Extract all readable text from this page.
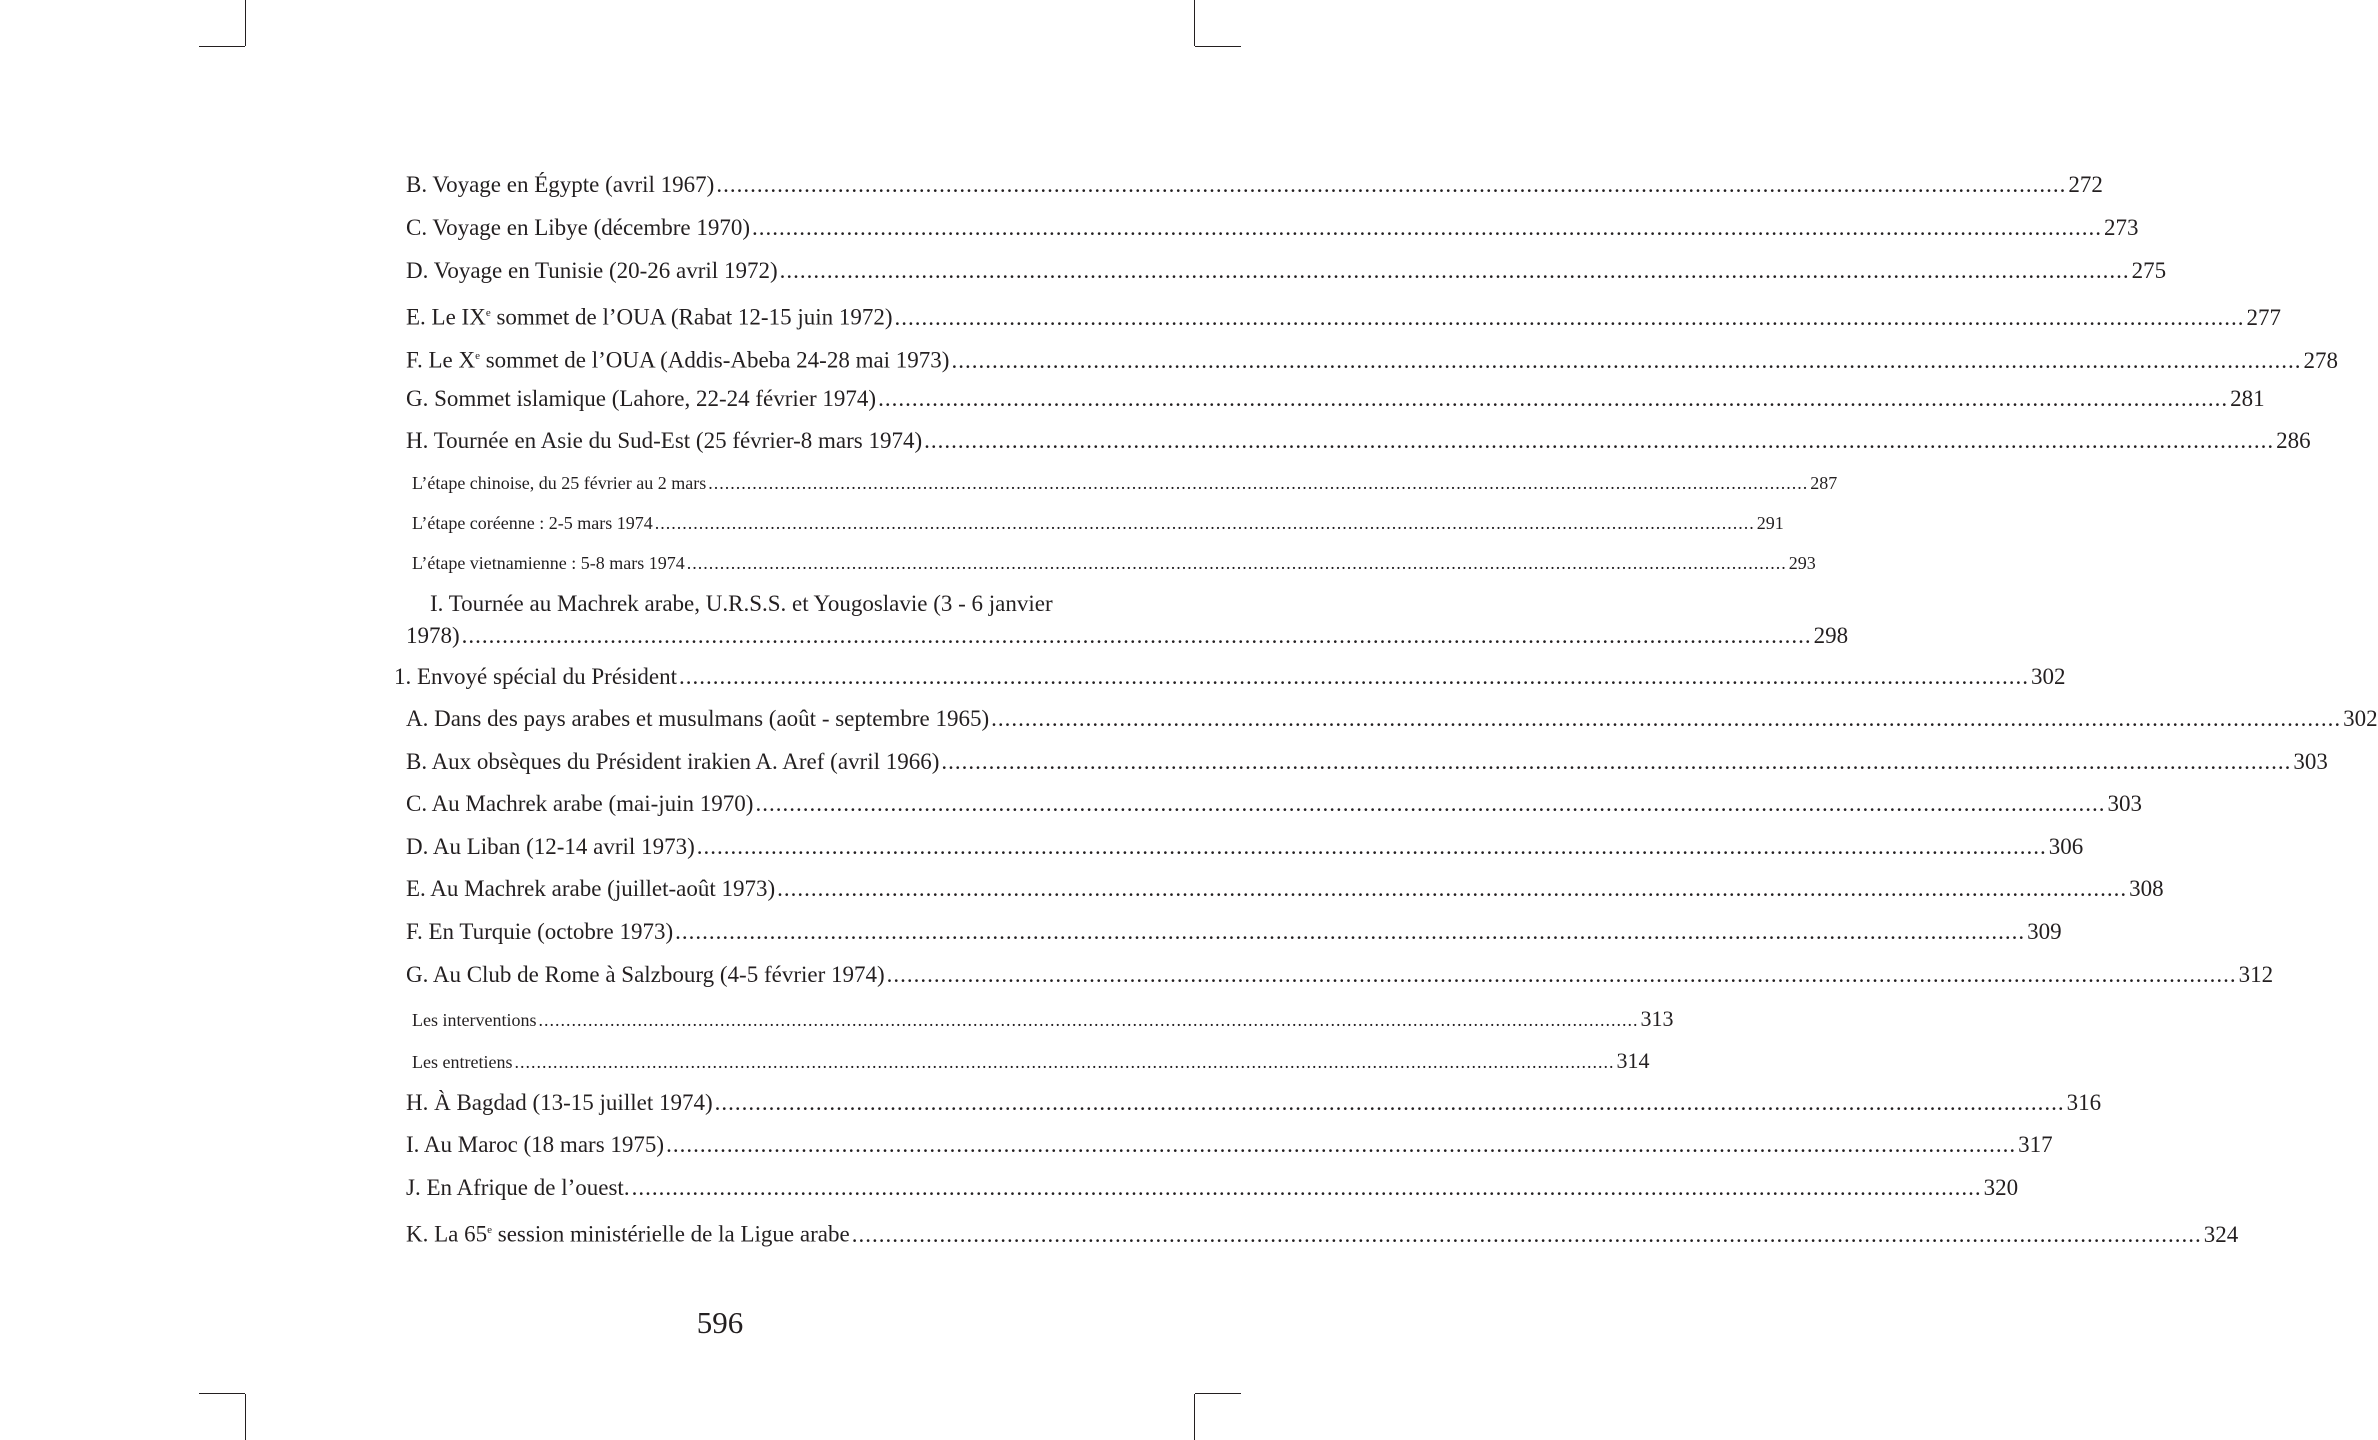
B. Voyage en Égypte (avril 1967) .....	272
C. Voyage en Libye (décembre 1970) .....	273
D. Voyage en Tunisie (20-26 avril 1972) .....	275
E. Le IXe sommet de l’OUA (Rabat 12-15 juin 1972) .....	277
F. Le Xe sommet de l’OUA (Addis-Abeba 24-28 mai 1973) .....	278
G. Sommet islamique (Lahore, 22-24 février 1974) .....	281
H. Tournée en Asie du Sud-Est (25 février-8 mars 1974) .....	286
L’étape chinoise, du 25 février au 2 mars .....	287
L’étape coréenne : 2-5 mars 1974 .....	291
L’étape vietnamienne : 5-8 mars 1974 .....	293
I. Tournée au Machrek arabe, U.R.S.S. et Yougoslavie (3 - 6 janvier
1978) ........................................................................................................................................................................................................ 298
1. Envoyé spécial du Président .....	302
A. Dans des pays arabes et musulmans (août - septembre 1965) .....	302
B. Aux obsèques du Président irakien A. Aref (avril 1966) .....	303
C. Au Machrek arabe (mai-juin 1970) .....	303
D. Au Liban (12-14 avril 1973) .....	306
E. Au Machrek arabe (juillet-août 1973) .....	308
F. En Turquie (octobre 1973) .....	309
G. Au Club de Rome à Salzbourg (4-5 février 1974) .....	312
Les interventions .....	313
Les entretiens .....	314
H. À Bagdad (13-15 juillet 1974) .....	316
I. Au Maroc (18 mars 1975) .....	317
J. En Afrique de l’ouest. .....	320
K. La 65e session ministérielle de la Ligue arabe .....	324
596
